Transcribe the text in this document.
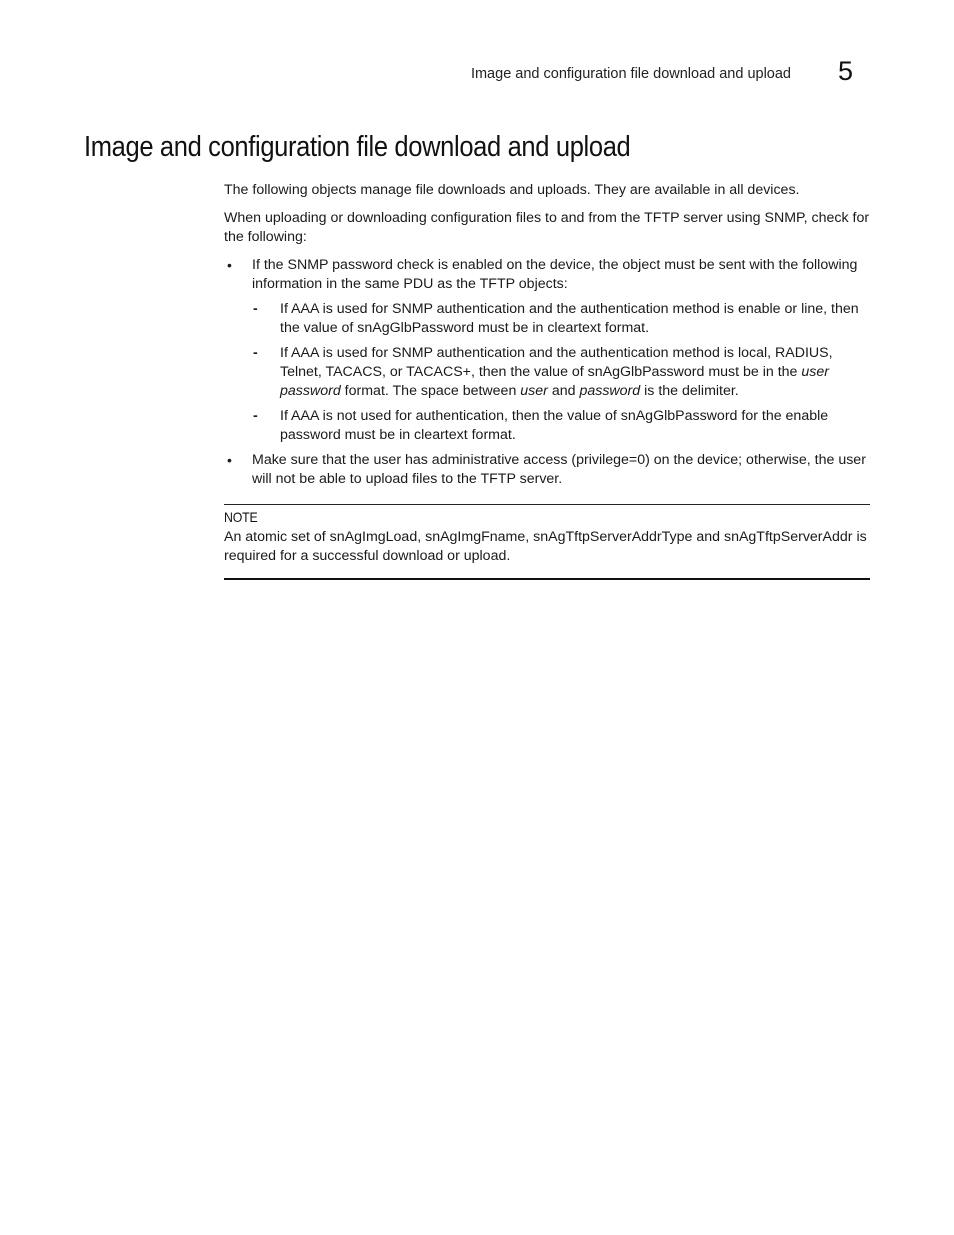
Image and configuration file download and upload 5
Image and configuration file download and upload

The following objects manage file downloads and uploads. They are available in all devices.

When uploading or downloading configuration files to and from the TFTP server using SNMP, check for the following:

• If the SNMP password check is enabled on the device, the object must be sent with the following information in the same PDU as the TFTP objects:
- If AAA is used for SNMP authentication and the authentication method is enable or line, then the value of snAgGlbPassword must be in cleartext format.
- If AAA is used for SNMP authentication and the authentication method is local, RADIUS, Telnet, TACACS, or TACACS+, then the value of snAgGlbPassword must be in the user password format. The space between user and password is the delimiter.
- If AAA is not used for authentication, then the value of snAgGlbPassword for the enable password must be in cleartext format.
• Make sure that the user has administrative access (privilege=0) on the device; otherwise, the user will not be able to upload files to the TFTP server.
NOTE

An atomic set of snAgImgLoad, snAgImgFname, snAgTftpServerAddrType and snAgTftpServerAddr is required for a successful download or upload.
